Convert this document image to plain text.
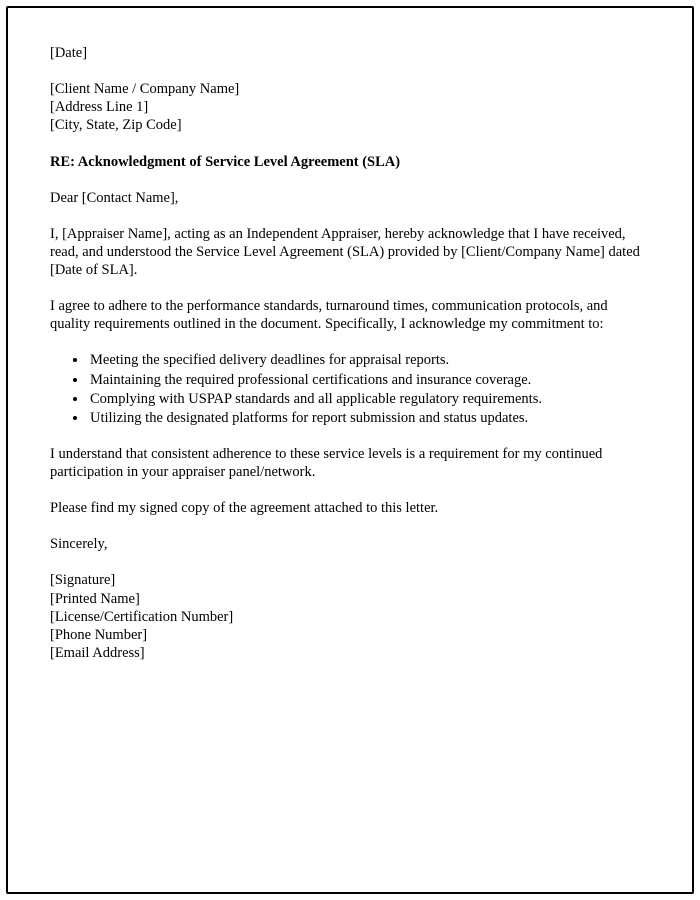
[Date]
[Client Name / Company Name]
[Address Line 1]
[City, State, Zip Code]

RE: Acknowledgment of Service Level Agreement (SLA)

Dear [Contact Name],

I, [Appraiser Name], acting as an Independent Appraiser, hereby acknowledge that I have received, read, and understood the Service Level Agreement (SLA) provided by [Client/Company Name] dated [Date of SLA].

I agree to adhere to the performance standards, turnaround times, communication protocols, and quality requirements outlined in the document. Specifically, I acknowledge my commitment to:

• Meeting the specified delivery deadlines for appraisal reports.
• Maintaining the required professional certifications and insurance coverage.
• Complying with USPAP standards and all applicable regulatory requirements.
• Utilizing the designated platforms for report submission and status updates.

I understand that consistent adherence to these service levels is a requirement for my continued participation in your appraiser panel/network.

Please find my signed copy of the agreement attached to this letter.

Sincerely,

[Signature]
[Printed Name]
[License/Certification Number]
[Phone Number]
[Email Address]
